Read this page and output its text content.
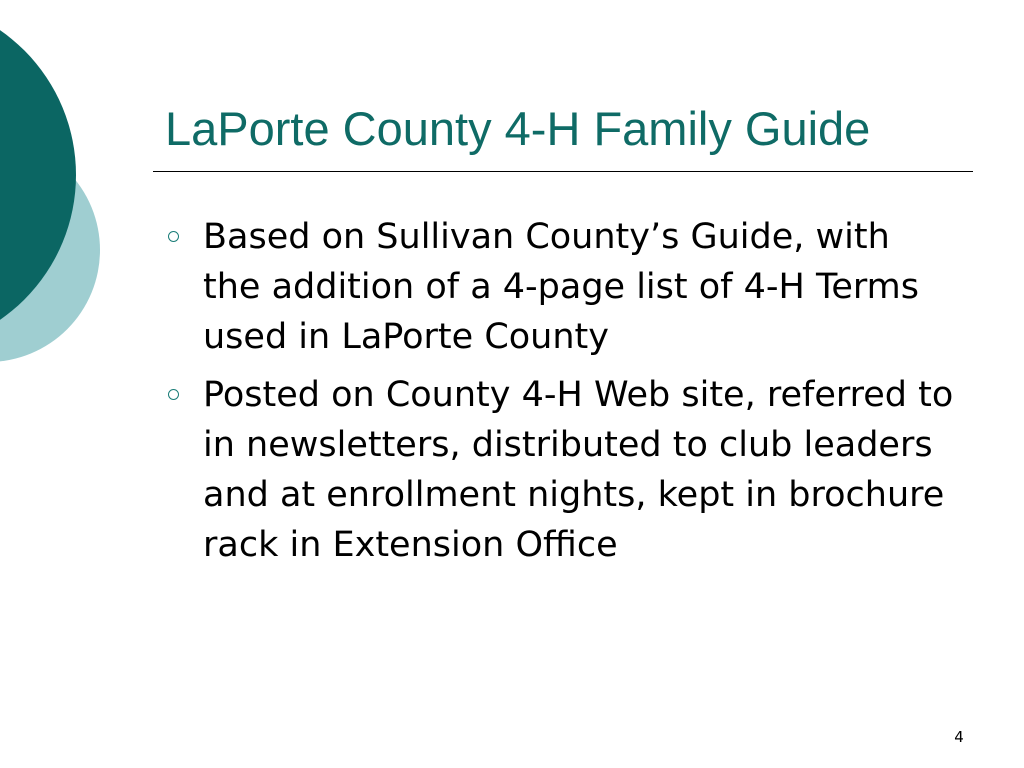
LaPorte County 4-H Family Guide
Based on Sullivan County’s Guide, with the addition of a 4-page list of 4-H Terms used in LaPorte County
Posted on County 4-H Web site, referred to in newsletters, distributed to club leaders and at enrollment nights, kept in brochure rack in Extension Office
4
